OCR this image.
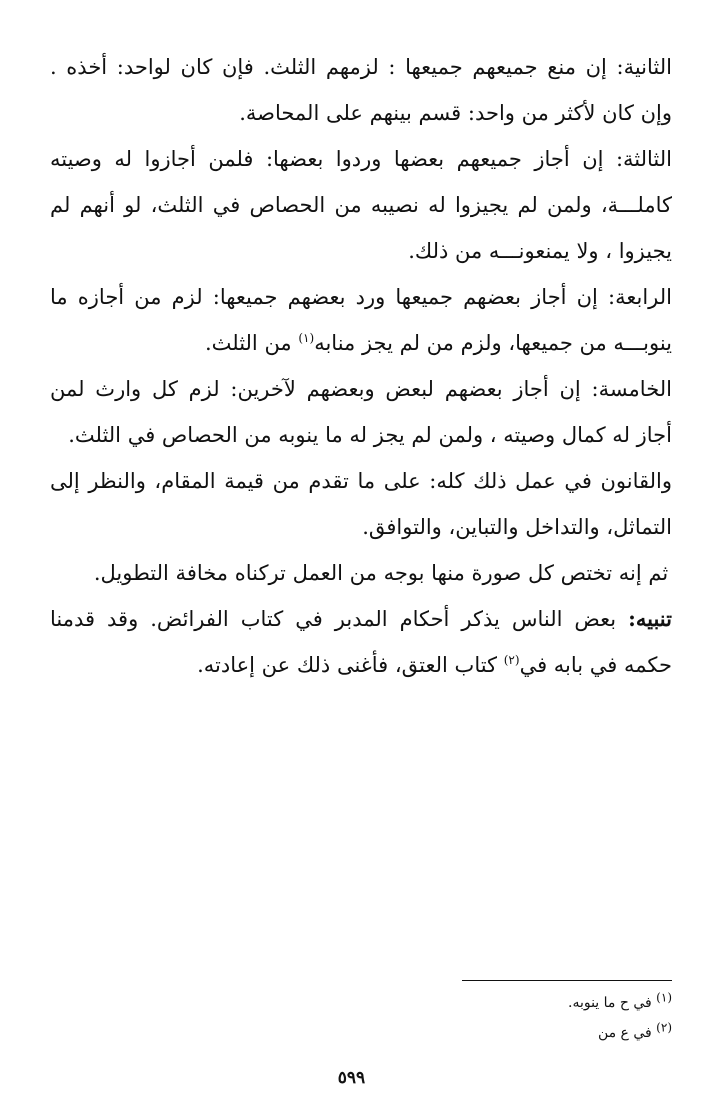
الثانية: إن منع جميعهم جميعها : لزمهم الثلث. فإن كان لواحد: أخذه . وإن كان لأكثر من واحد: قسم بينهم على المحاصة.

الثالثة: إن أجاز جميعهم بعضها وردوا بعضها: فلمن أجازوا له وصيته كاملـــة، ولمن لم يجيزوا له نصيبه من الحصاص في الثلث، لو أنهم لم يجيزوا ، ولا يمنعونـــه من ذلك.

الرابعة: إن أجاز بعضهم جميعها ورد بعضهم جميعها: لزم من أجازه ما ينوبـــه من جميعها، ولزم من لم يجز منابه$^{(١)}$ من الثلث.

الخامسة: إن أجاز بعضهم لبعض وبعضهم لآخرين: لزم كل وارث لمن أجاز له كمال وصيته ، ولمن لم يجز له ما ينوبه من الحصاص في الثلث.

والقانون في عمل ذلك كله: على ما تقدم من قيمة المقام، والنظر إلى التماثل، والتداخل والتباين، والتوافق.

ثم إنه تختص كل صورة منها بوجه من العمل تركناه مخافة التطويل.

تنبيه: بعض الناس يذكر أحكام المدبر في كتاب الفرائض. وقد قدمنا حكمه في بابه في$^{(٢)}$ كتاب العتق، فأغنى ذلك عن إعادته.

$^{(١)}$ في ح ما ينوبه.

$^{(٢)}$ في ع من

٥٩٩
